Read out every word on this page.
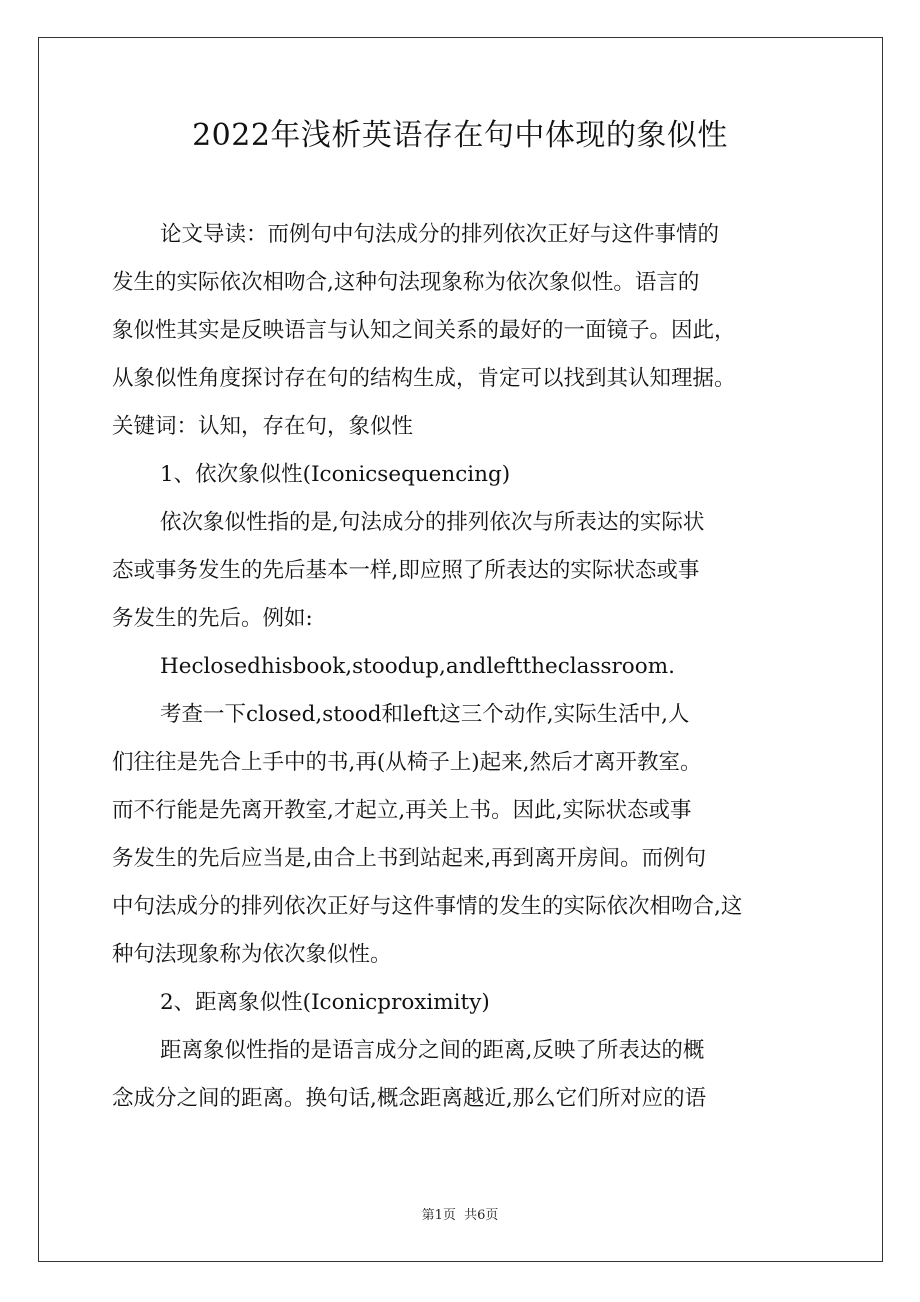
2022年浅析英语存在句中体现的象似性
论文导读：而例句中句法成分的排列依次正好与这件事情的
发生的实际依次相吻合,这种句法现象称为依次象似性。语言的
象似性其实是反映语言与认知之间关系的最好的一面镜子。因此，
从象似性角度探讨存在句的结构生成，肯定可以找到其认知理据。
关键词：认知，存在句，象似性
1、依次象似性(Iconicsequencing)
依次象似性指的是,句法成分的排列依次与所表达的实际状
态或事务发生的先后基本一样,即应照了所表达的实际状态或事
务发生的先后。例如:
Heclosedhisbook,stoodup,andlefttheclassroom.
考查一下closed,stood和left这三个动作,实际生活中,人
们往往是先合上手中的书,再(从椅子上)起来,然后才离开教室。
而不行能是先离开教室,才起立,再关上书。因此,实际状态或事
务发生的先后应当是,由合上书到站起来,再到离开房间。而例句
中句法成分的排列依次正好与这件事情的发生的实际依次相吻合,这
种句法现象称为依次象似性。
2、距离象似性(Iconicproximity)
距离象似性指的是语言成分之间的距离,反映了所表达的概
念成分之间的距离。换句话,概念距离越近,那么它们所对应的语
第1页 共6页
